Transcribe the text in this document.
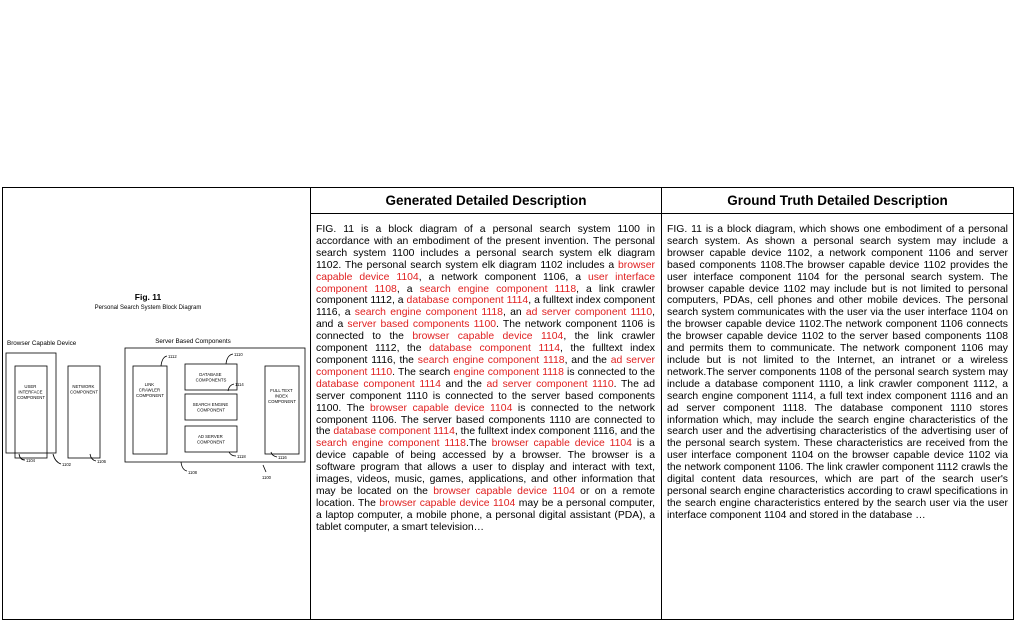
Generated Detailed Description	Ground Truth Detailed Description
Fig. 11
Personal Search System Block Diagram
Browser Capable Device	Server Based Components
USER INTERFACE COMPONENT
NETWORK COMPONENT
LINK CRAWLER COMPONENT
DATABASE COMPONENTS
SEARCH ENGINE COMPONENT
AD SERVER COMPONENT
FULL TEXT INDEX COMPONENT
1104
1102
1106
1112	1110
1114
1118	1116
1108
1100
FIG. 11 is a block diagram of a personal search system 1100 in accordance with an embodiment of the present invention. The personal search system 1100 includes a personal search system elk diagram 1102. The personal search system elk diagram 1102 includes a browser capable device 1104, a network component 1106, a user interface component 1108, a search engine component 1118, a link crawler component 1112, a database component 1114, a fulltext index component 1116, a search engine component 1118, an ad server component 1110, and a server based components 1100. The network component 1106 is connected to the browser capable device 1104, the link crawler component 1112, the database component 1114, the fulltext index component 1116, the search engine component 1118, and the ad server component 1110. The search engine component 1118 is connected to the database component 1114 and the ad server component 1110. The ad server component 1110 is connected to the server based components 1100. The browser capable device 1104 is connected to the network component 1106. The server based components 1110 are connected to the database component 1114, the fulltext index component 1116, and the search engine component 1118.The browser capable device 1104 is a device capable of being accessed by a browser. The browser is a software program that allows a user to display and interact with text, images, videos, music, games, applications, and other information that may be located on the browser capable device 1104 or on a remote location. The browser capable device 1104 may be a personal computer, a laptop computer, a mobile phone, a personal digital assistant (PDA), a tablet computer, a smart television…
FIG. 11 is a block diagram, which shows one embodiment of a personal search system. As shown a personal search system may include a browser capable device 1102, a network component 1106 and server based components 1108.The browser capable device 1102 provides the user interface component 1104 for the personal search system. The browser capable device 1102 may include but is not limited to personal computers, PDAs, cell phones and other mobile devices. The personal search system communicates with the user via the user interface 1104 on the browser capable device 1102.The network component 1106 connects the browser capable device 1102 to the server based components 1108 and permits them to communicate. The network component 1106 may include but is not limited to the Internet, an intranet or a wireless network.The server components 1108 of the personal search system may include a database component 1110, a link crawler component 1112, a search engine component 1114, a full text index component 1116 and an ad server component 1118. The database component 1110 stores information which, may include the search engine characteristics of the search user and the advertising characteristics of the advertising user of the personal search system. These characteristics are received from the user interface component 1104 on the browser capable device 1102 via the network component 1106. The link crawler component 1112 crawls the digital content data resources, which are part of the search user's personal search engine characteristics according to crawl specifications in the search engine characteristics entered by the search user via the user interface component 1104 and stored in the database …
